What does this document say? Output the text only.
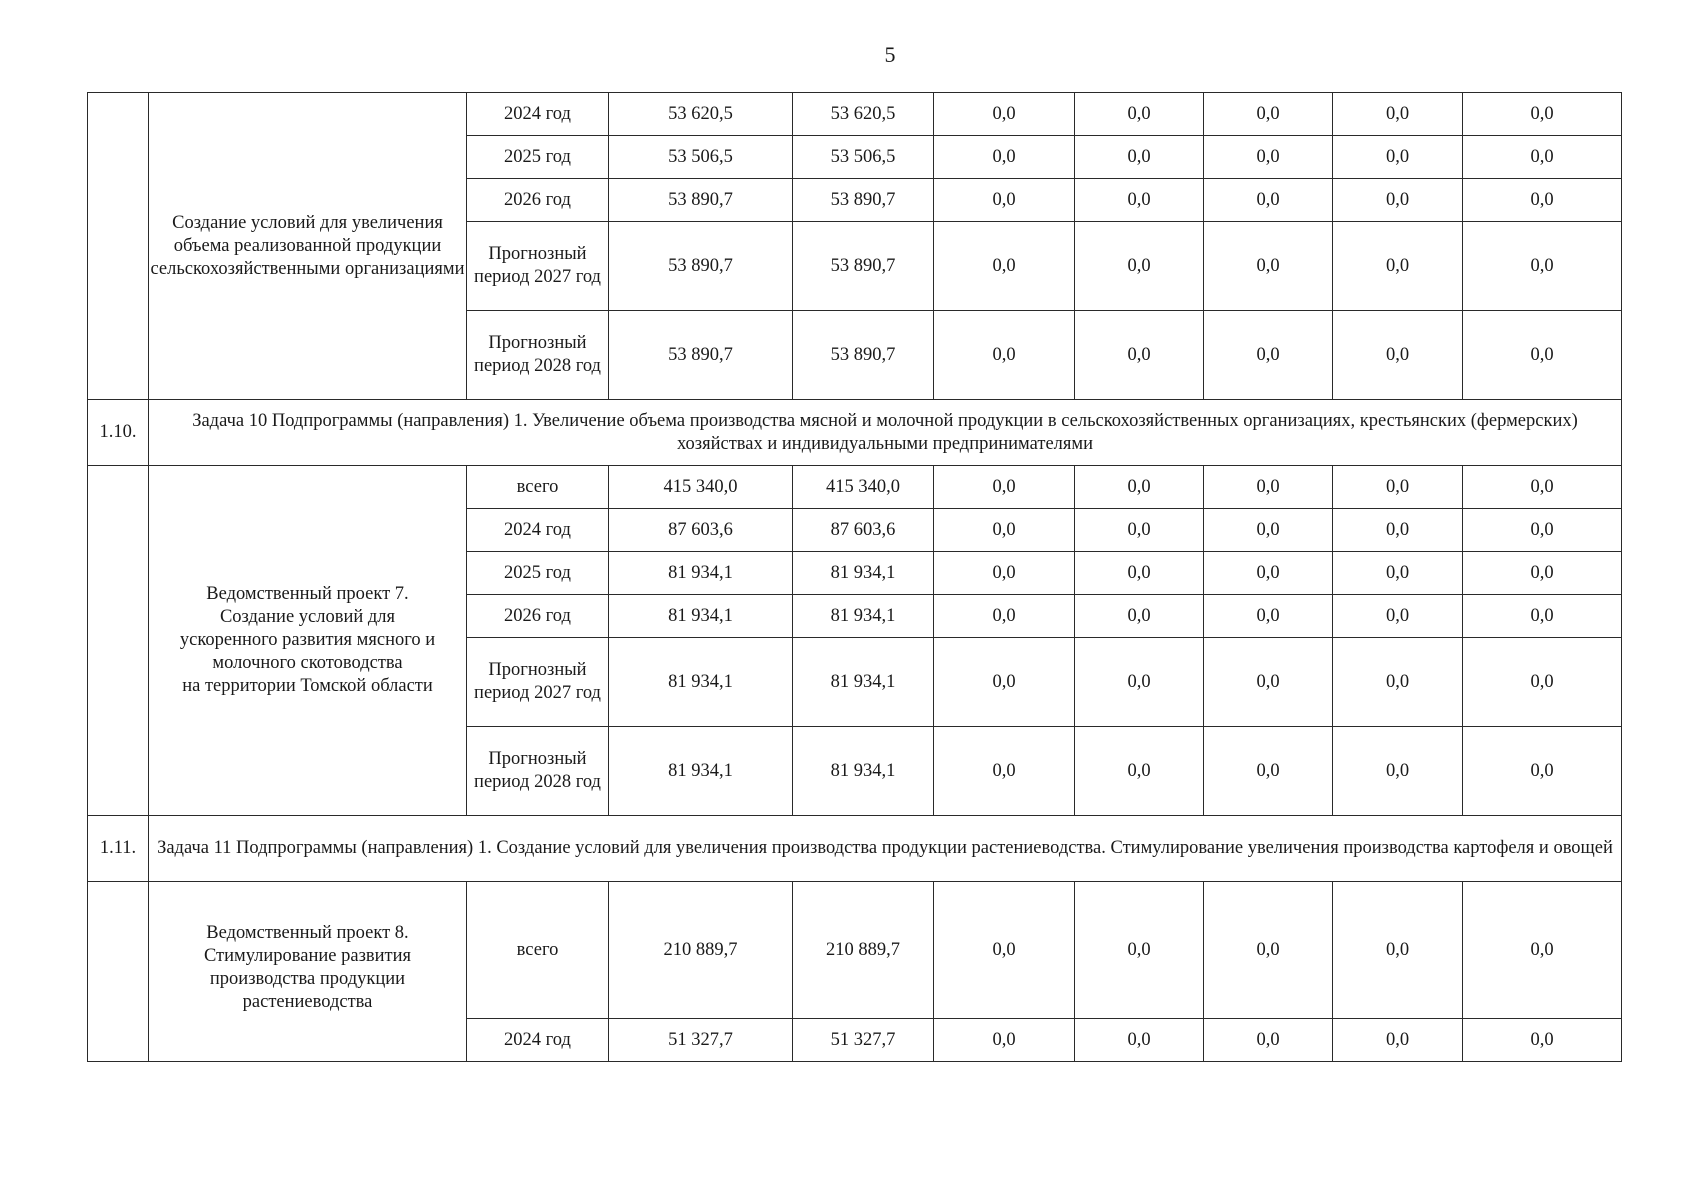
5
	Создание условий для увеличения объема реализованной продукции сельскохозяйственными организациями	2024 год	53 620,5	53 620,5	0,0	0,0	0,0	0,0	0,0
		2025 год	53 506,5	53 506,5	0,0	0,0	0,0	0,0	0,0
		2026 год	53 890,7	53 890,7	0,0	0,0	0,0	0,0	0,0
		Прогнозный период 2027 год	53 890,7	53 890,7	0,0	0,0	0,0	0,0	0,0
		Прогнозный период 2028 год	53 890,7	53 890,7	0,0	0,0	0,0	0,0	0,0
1.10.	Задача 10 Подпрограммы (направления) 1. Увеличение объема производства мясной и молочной продукции в сельскохозяйственных организациях, крестьянских (фермерских) хозяйствах и индивидуальными предпринимателями								

	Ведомственный проект 7.
Создание условий для
ускоренного развития мясного и
молочного скотоводства
на территории Томской области	всего	415 340,0	415 340,0	0,0	0,0	0,0	0,0	0,0
		2024 год	87 603,6	87 603,6	0,0	0,0	0,0	0,0	0,0
		2025 год	81 934,1	81 934,1	0,0	0,0	0,0	0,0	0,0
		2026 год	81 934,1	81 934,1	0,0	0,0	0,0	0,0	0,0
		Прогнозный период 2027 год	81 934,1	81 934,1	0,0	0,0	0,0	0,0	0,0
		Прогнозный период 2028 год	81 934,1	81 934,1	0,0	0,0	0,0	0,0	0,0
1.11.	Задача 11 Подпрограммы (направления) 1. Создание условий для увеличения производства продукции растениеводства. Стимулирование увеличения производства картофеля и овощей								

	Ведомственный проект 8.
Стимулирование развития
производства продукции
растениеводства	всего	210 889,7	210 889,7	0,0	0,0	0,0	0,0	0,0
		2024 год	51 327,7	51 327,7	0,0	0,0	0,0	0,0	0,0
